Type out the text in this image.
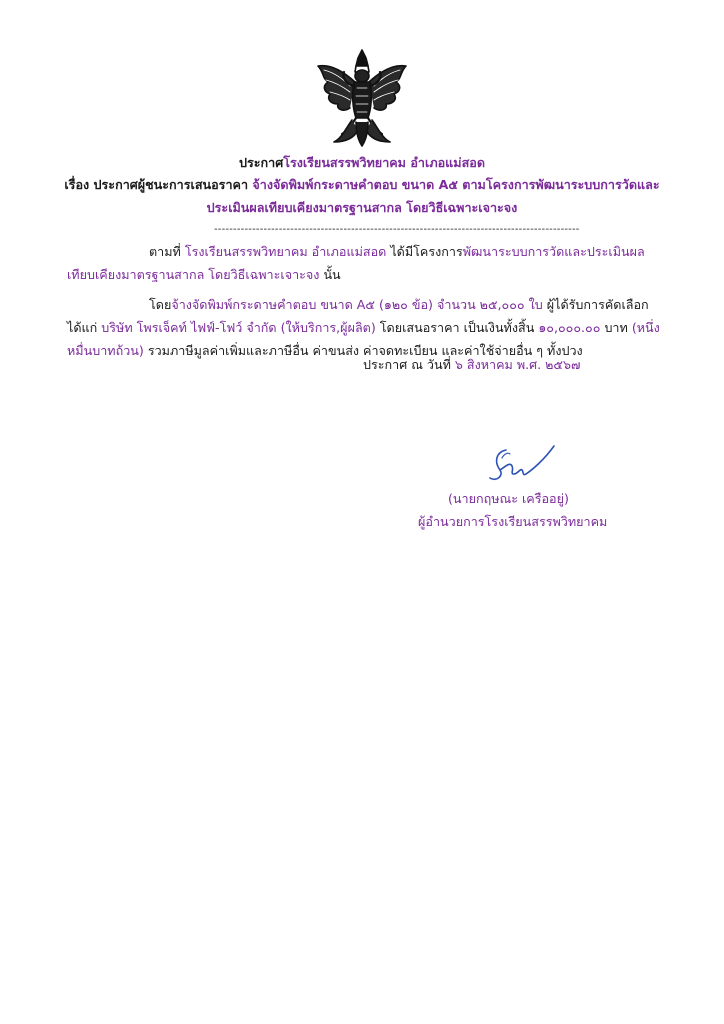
ประกาศโรงเรียนสรรพวิทยาคม อำเภอแม่สอด
เรื่อง ประกาศผู้ชนะการเสนอราคา จ้างจัดพิมพ์กระดาษคำตอบ ขนาด A๕ ตามโครงการพัฒนาระบบการวัดและ
ประเมินผลเทียบเคียงมาตรฐานสากล โดยวิธีเฉพาะเจาะจง
------------------------------------------------------------------------------------------------
ตามที่ โรงเรียนสรรพวิทยาคม อำเภอแม่สอด ได้มีโครงการพัฒนาระบบการวัดและประเมินผล
เทียบเคียงมาตรฐานสากล โดยวิธีเฉพาะเจาะจง นั้น
โดยจ้างจัดพิมพ์กระดาษคำตอบ ขนาด A๕ (๑๒๐ ข้อ) จำนวน ๒๕,๐๐๐ ใบ ผู้ได้รับการคัดเลือก
ได้แก่ บริษัท โพรเจ็คท์ ไฟฟ์-โฟว์ จำกัด (ให้บริการ,ผู้ผลิต) โดยเสนอราคา เป็นเงินทั้งสิ้น ๑๐,๐๐๐.๐๐ บาท (หนึ่ง
หมื่นบาทถ้วน) รวมภาษีมูลค่าเพิ่มและภาษีอื่น ค่าขนส่ง ค่าจดทะเบียน และค่าใช้จ่ายอื่น ๆ ทั้งปวง
ประกาศ ณ วันที่ ๖ สิงหาคม พ.ศ. ๒๕๖๗
(นายกฤษณะ เครืออยู่)
ผู้อำนวยการโรงเรียนสรรพวิทยาคม
